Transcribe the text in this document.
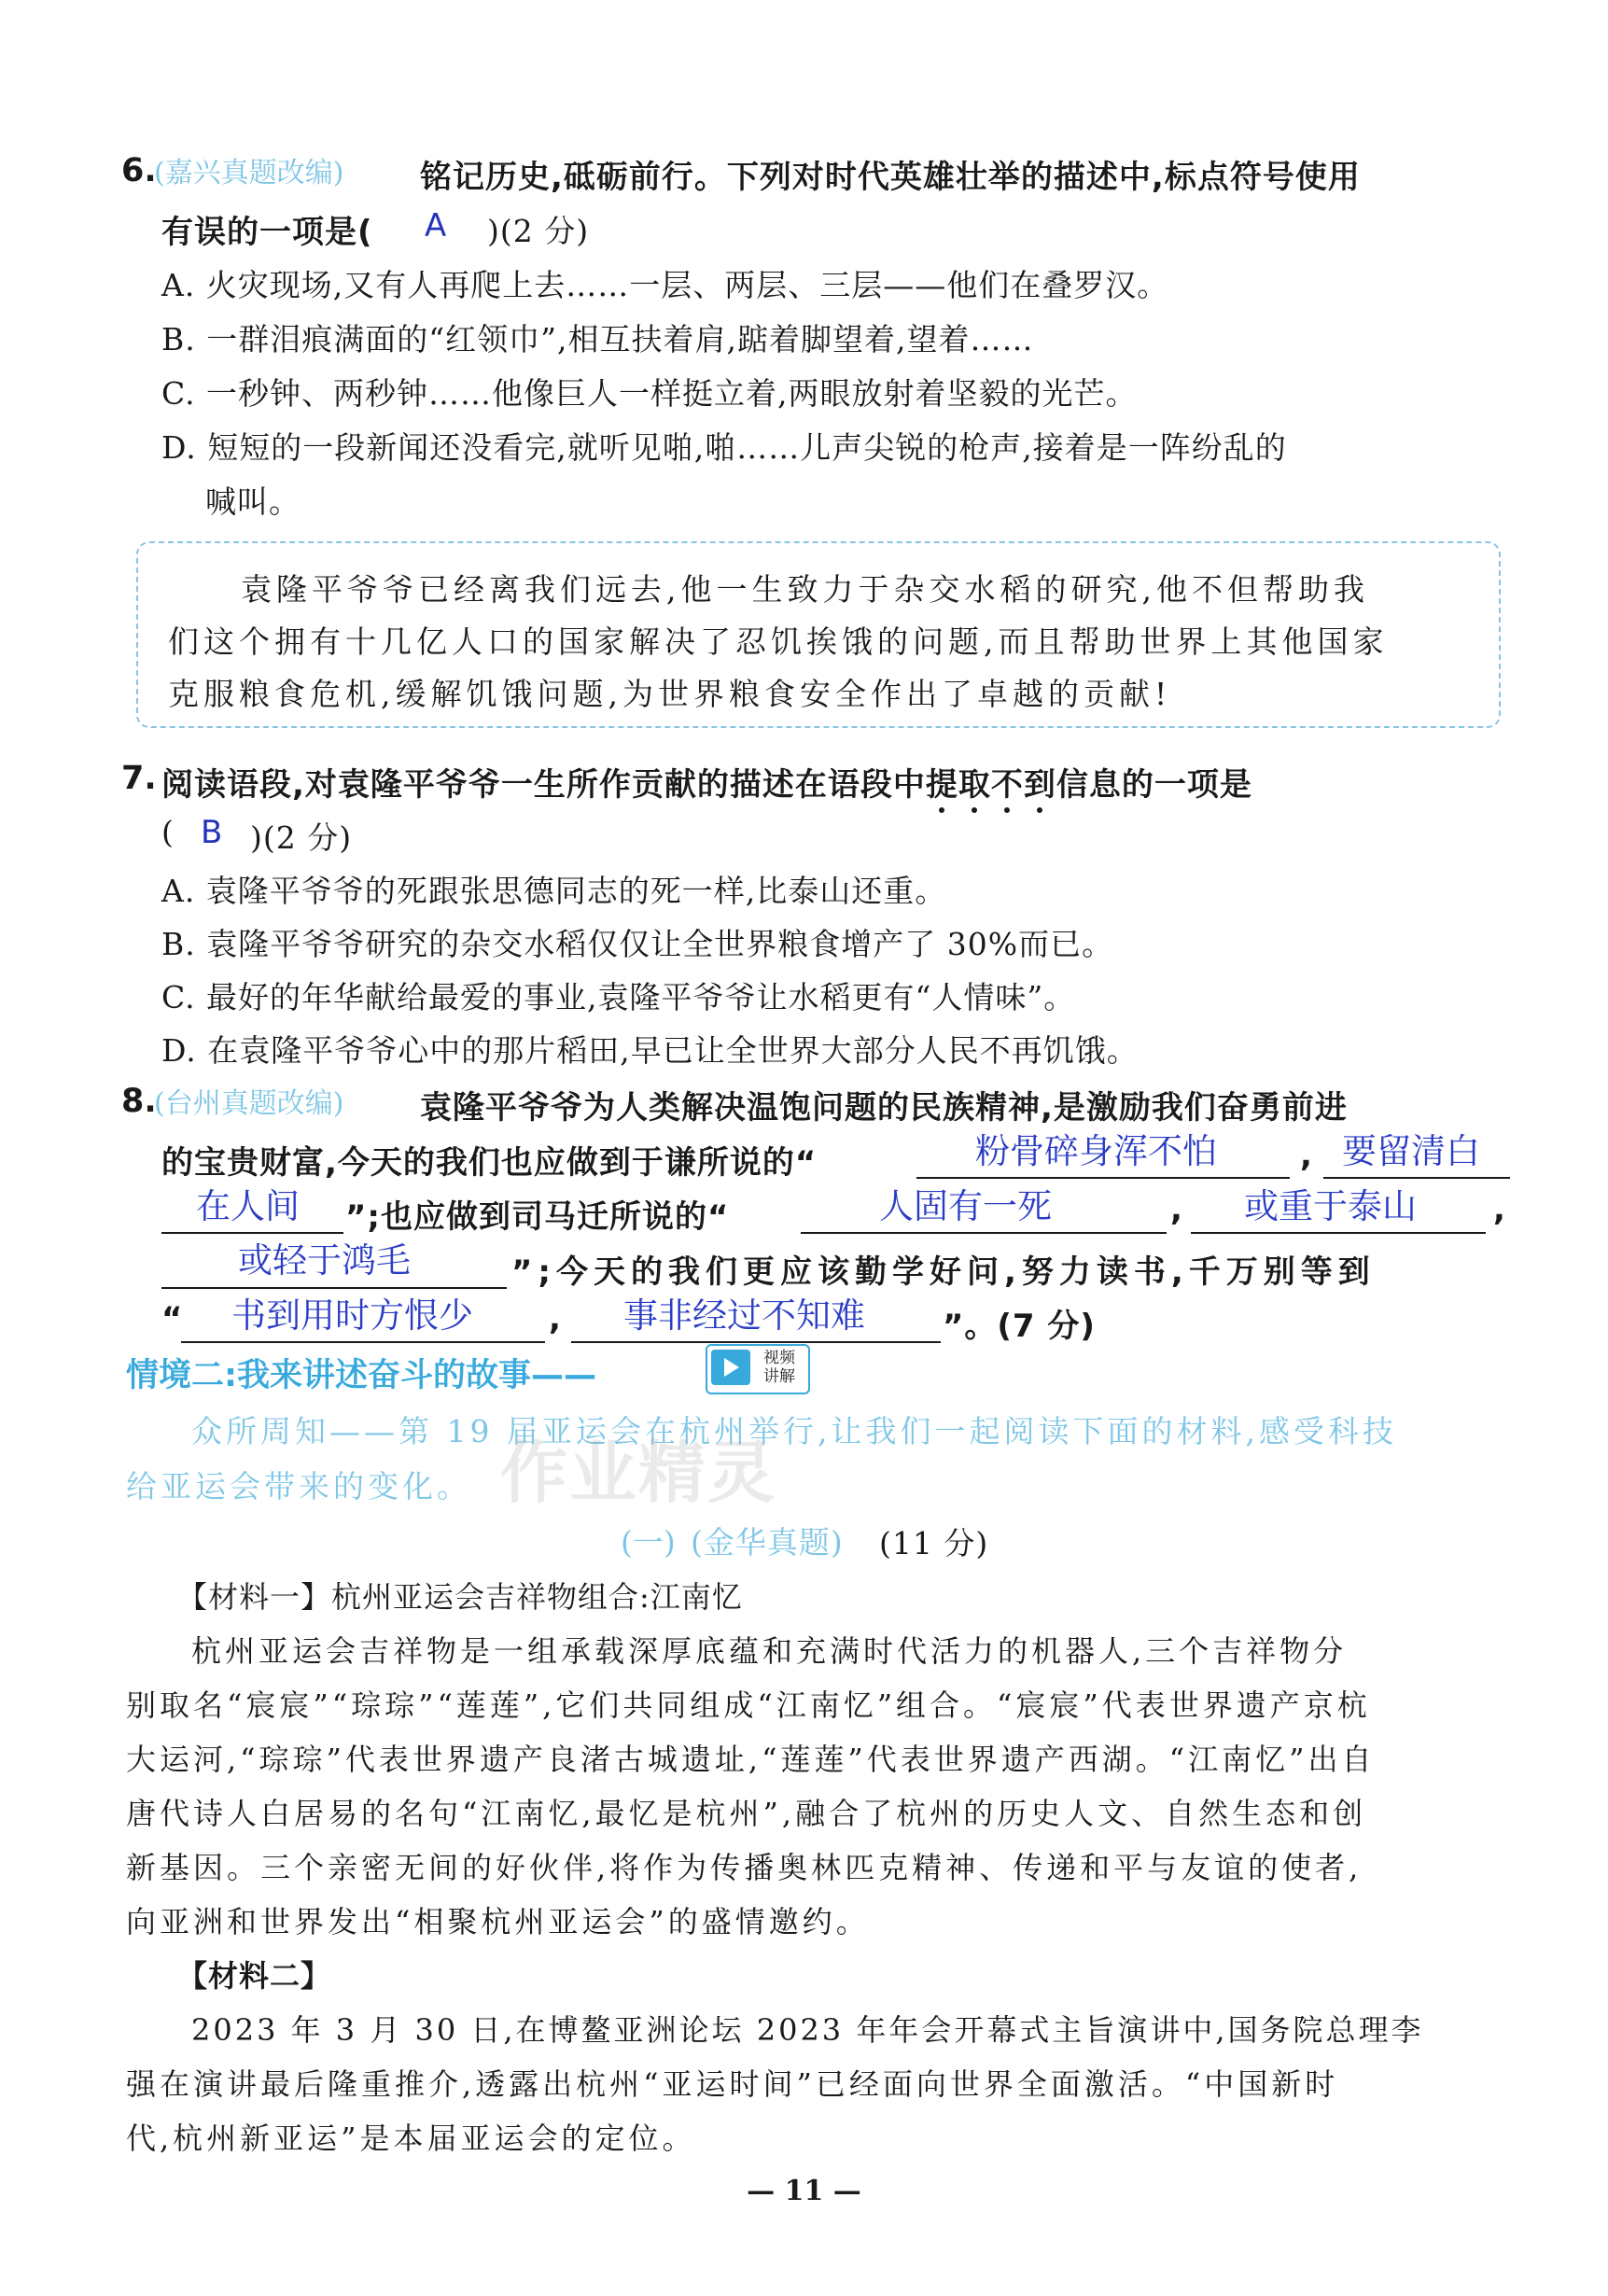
6.
(嘉兴真题改编) 铭记历史,砥砺前行。下列对时代英雄壮举的描述中,标点符号使用
有误的一项是( A )(2 分)
A. 火灾现场,又有人再爬上去……一层、两层、三层——他们在叠罗汉。
B. 一群泪痕满面的“红领巾”,相互扶着肩,踮着脚望着,望着……
C. 一秒钟、两秒钟……他像巨人一样挺立着,两眼放射着坚毅的光芒。
D. 短短的一段新闻还没看完,就听见啪,啪……儿声尖锐的枪声,接着是一阵纷乱的
喊叫。
袁隆平爷爷已经离我们远去,他一生致力于杂交水稻的研究,他不但帮助我
们这个拥有十几亿人口的国家解决了忍饥挨饿的问题,而且帮助世界上其他国家
克服粮食危机,缓解饥饿问题,为世界粮食安全作出了卓越的贡献!
7. 阅读语段,对袁隆平爷爷一生所作贡献的描述在语段中提取不到
信息的一项是
( B )(2 分)
A. 袁隆平爷爷的死跟张思德同志的死一样,比泰山还重。
B. 袁隆平爷爷研究的杂交水稻仅仅让全世界粮食增产了 30%而已。
C. 最好的年华献给最爱的事业,袁隆平爷爷让水稻更有“人情味”。
D. 在袁隆平爷爷心中的那片稻田,早已让全世界大部分人民不再饥饿。
8.
(台州真题改编) 袁隆平爷爷为人类解决温饱问题的民族精神,是激励我们奋勇前进
的宝贵财富,今天的我们也应做到于谦所说的“	粉骨碎身浑不怕	, 要留清白
在人间 ”;也应做到司马迁所说的“	人固有一死	, 或重于泰山 ,
或轻于鸿毛	”;今天的我们更应该勤学好问,努力读书,千万别等到
“ 书到用时方恨少 , 事非经过不知难 ”。(7 分)
情境二:我来讲述奋斗的故事——	视频
讲解
众所周知——第 19 届亚运会在杭州举行,让我们一起阅读下面的材料,感受科技
给亚运会带来的变化。 作业精灵
(一) (金华真题) (11 分)
【材料一】杭州亚运会吉祥物组合:江南忆
杭州亚运会吉祥物是一组承载深厚底蕴和充满时代活力的机器人,三个吉祥物分
别取名“宸宸”“琮琮”“莲莲”,它们共同组成“江南忆”组合。“宸宸”代表世界遗产京杭
大运河,“琮琮”代表世界遗产良渚古城遗址,“莲莲”代表世界遗产西湖。“江南忆”出自
唐代诗人白居易的名句“江南忆,最忆是杭州”,融合了杭州的历史人文、自然生态和创
新基因。三个亲密无间的好伙伴,将作为传播奥林匹克精神、传递和平与友谊的使者,
向亚洲和世界发出“相聚杭州亚运会”的盛情邀约。
【材料二】
2023 年 3 月 30 日,在博鳌亚洲论坛 2023 年年会开幕式主旨演讲中,国务院总理李
强在演讲最后隆重推介,透露出杭州“亚运时间”已经面向世界全面激活。“中国新时
代,杭州新亚运”是本届亚运会的定位。
— 11 —
